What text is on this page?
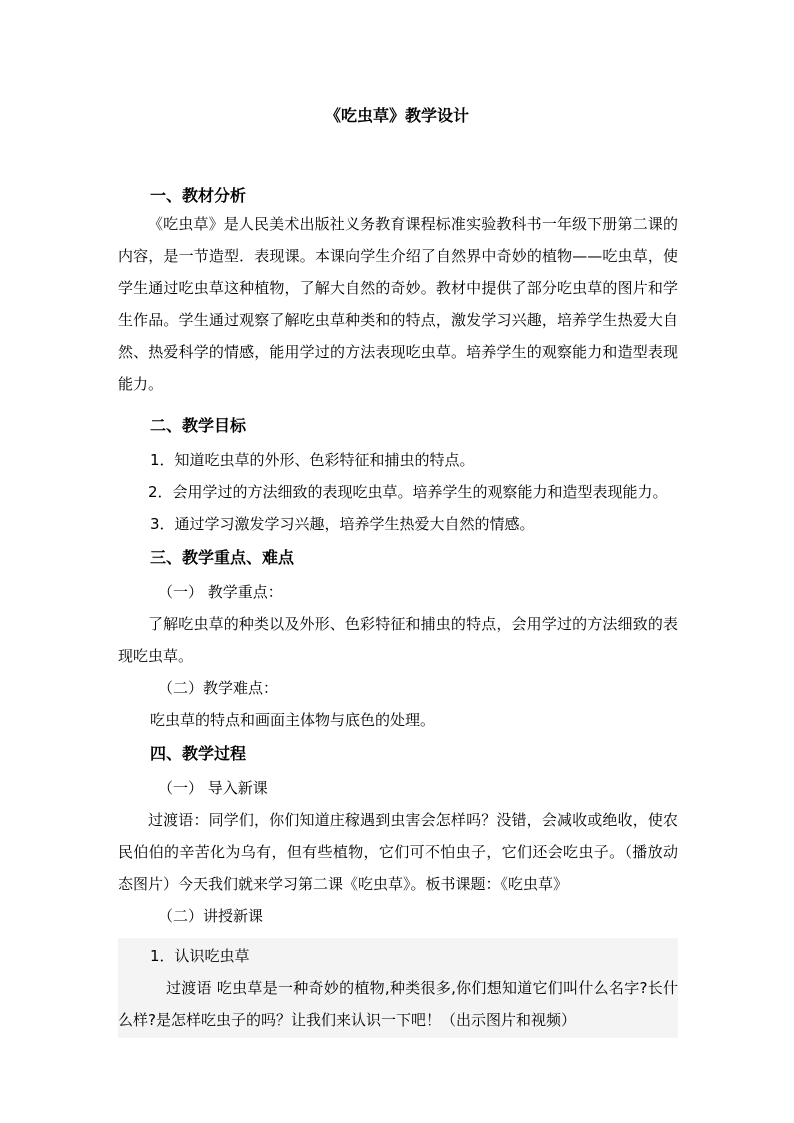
《吃虫草》教学设计
一、教材分析
《吃虫草》是人民美术出版社义务教育课程标准实验教科书一年级下册第二课的内容，是一节造型．表现课。本课向学生介绍了自然界中奇妙的植物——吃虫草，使学生通过吃虫草这种植物，了解大自然的奇妙。教材中提供了部分吃虫草的图片和学生作品。学生通过观察了解吃虫草种类和的特点，激发学习兴趣，培养学生热爱大自然、热爱科学的情感，能用学过的方法表现吃虫草。培养学生的观察能力和造型表现能力。
二、教学目标
1．知道吃虫草的外形、色彩特征和捕虫的特点。
2．会用学过的方法细致的表现吃虫草。培养学生的观察能力和造型表现能力。
3．通过学习激发学习兴趣，培养学生热爱大自然的情感。
三、教学重点、难点
（一） 教学重点：
了解吃虫草的种类以及外形、色彩特征和捕虫的特点，会用学过的方法细致的表现吃虫草。
（二）教学难点：
吃虫草的特点和画面主体物与底色的处理。
四、教学过程
（一） 导入新课
过渡语：同学们，你们知道庄稼遇到虫害会怎样吗？没错，会减收或绝收，使农民伯伯的辛苦化为乌有，但有些植物，它们可不怕虫子，它们还会吃虫子。（播放动态图片）今天我们就来学习第二课《吃虫草》。板书课题：《吃虫草》
（二）讲授新课
1．认识吃虫草
过渡语 吃虫草是一种奇妙的植物,种类很多,你们想知道它们叫什么名字?长什么样?是怎样吃虫子的吗？让我们来认识一下吧！（出示图片和视频）
